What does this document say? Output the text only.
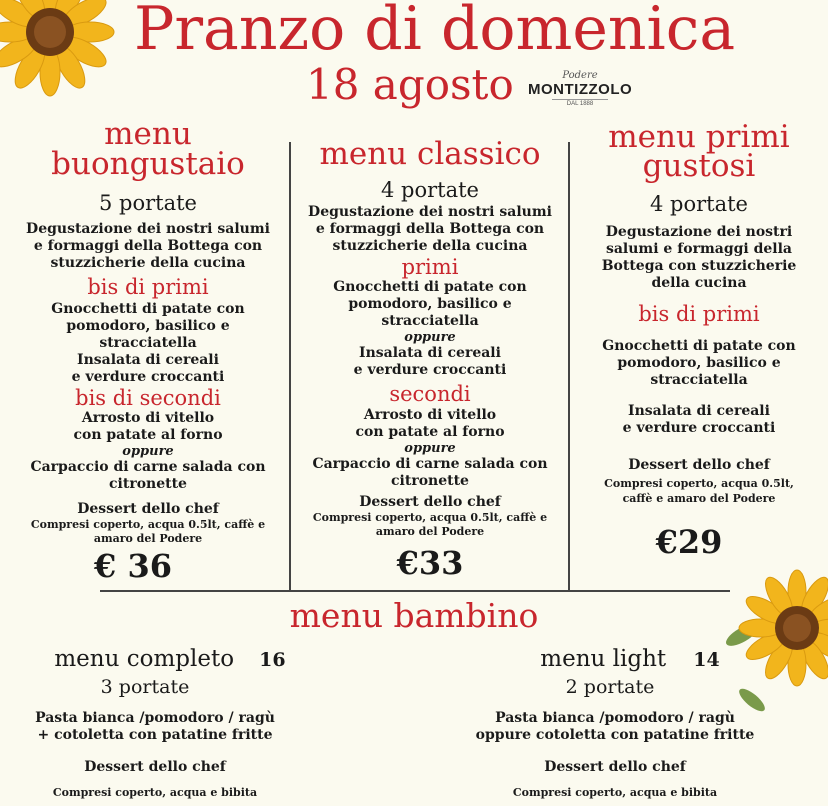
Pranzo di domenica
18 agosto	Podere
MONTIZZOLO
DAL 1888
menu
buongustaio
5 portate
Degustazione dei nostri salumi
e formaggi della Bottega con
stuzzicherie della cucina
bis di primi
Gnocchetti di patate con
pomodoro, basilico e
stracciatella
Insalata di cereali
e verdure croccanti
bis di secondi
Arrosto di vitello
con patate al forno
oppure
Carpaccio di carne salada con
citronette
Dessert dello chef
Compresi coperto, acqua 0.5lt, caffè e
amaro del Podere
€ 36
menu classico
4 portate
Degustazione dei nostri salumi
e formaggi della Bottega con
stuzzicherie della cucina
primi
Gnocchetti di patate con
pomodoro, basilico e
stracciatella
oppure
Insalata di cereali
e verdure croccanti
secondi
Arrosto di vitello
con patate al forno
oppure
Carpaccio di carne salada con
citronette
Dessert dello chef
Compresi coperto, acqua 0.5lt, caffè e
amaro del Podere
€33
menu primi
gustosi
4 portate
Degustazione dei nostri
salumi e formaggi della
Bottega con stuzzicherie
della cucina
bis di primi
Gnocchetti di patate con
pomodoro, basilico e
stracciatella
Insalata di cereali
e verdure croccanti
Dessert dello chef
Compresi coperto, acqua 0.5lt,
caffè e amaro del Podere
€29
menu bambino
menu completo 16
3 portate
Pasta bianca /pomodoro / ragù
+ cotoletta con patatine fritte
Dessert dello chef
Compresi coperto, acqua e bibita
menu light 14
2 portate
Pasta bianca /pomodoro / ragù
oppure cotoletta con patatine fritte
Dessert dello chef
Compresi coperto, acqua e bibita
